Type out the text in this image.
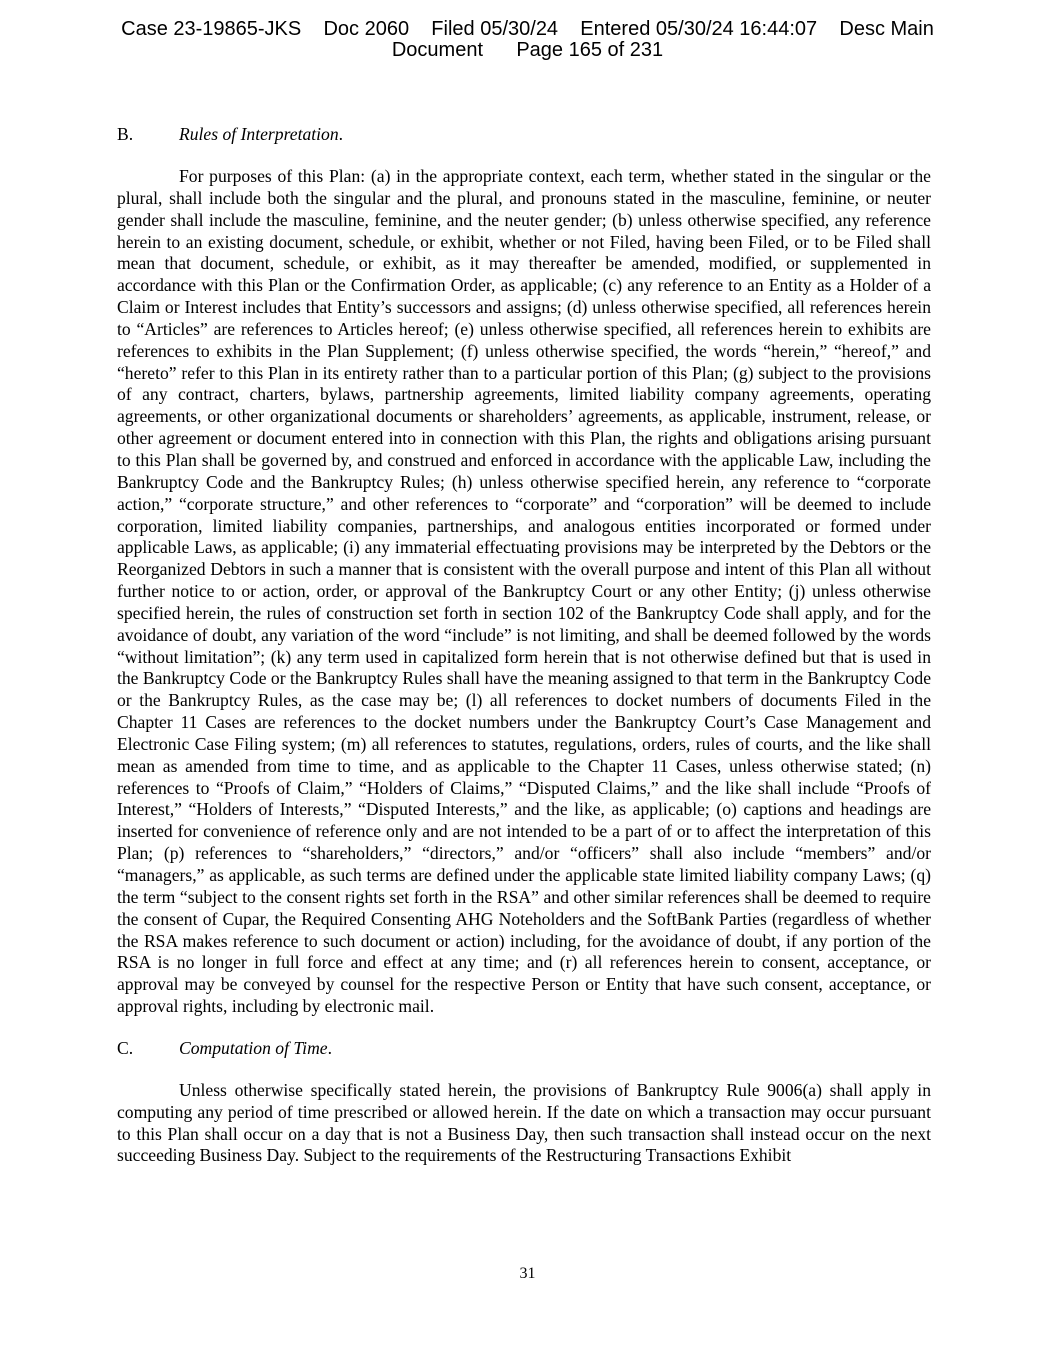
Case 23-19865-JKS    Doc 2060    Filed 05/30/24    Entered 05/30/24 16:44:07    Desc Main
Document      Page 165 of 231

B.	Rules of Interpretation.

For purposes of this Plan: (a) in the appropriate context, each term, whether stated in the singular or the plural, shall include both the singular and the plural, and pronouns stated in the masculine, feminine, or neuter gender shall include the masculine, feminine, and the neuter gender; (b) unless otherwise specified, any reference herein to an existing document, schedule, or exhibit, whether or not Filed, having been Filed, or to be Filed shall mean that document, schedule, or exhibit, as it may thereafter be amended, modified, or supplemented in accordance with this Plan or the Confirmation Order, as applicable; (c) any reference to an Entity as a Holder of a Claim or Interest includes that Entity’s successors and assigns; (d) unless otherwise specified, all references herein to “Articles” are references to Articles hereof; (e) unless otherwise specified, all references herein to exhibits are references to exhibits in the Plan Supplement; (f) unless otherwise specified, the words “herein,” “hereof,” and “hereto” refer to this Plan in its entirety rather than to a particular portion of this Plan; (g) subject to the provisions of any contract, charters, bylaws, partnership agreements, limited liability company agreements, operating agreements, or other organizational documents or shareholders’ agreements, as applicable, instrument, release, or other agreement or document entered into in connection with this Plan, the rights and obligations arising pursuant to this Plan shall be governed by, and construed and enforced in accordance with the applicable Law, including the Bankruptcy Code and the Bankruptcy Rules; (h) unless otherwise specified herein, any reference to “corporate action,” “corporate structure,” and other references to “corporate” and “corporation” will be deemed to include corporation, limited liability companies, partnerships, and analogous entities incorporated or formed under applicable Laws, as applicable; (i) any immaterial effectuating provisions may be interpreted by the Debtors or the Reorganized Debtors in such a manner that is consistent with the overall purpose and intent of this Plan all without further notice to or action, order, or approval of the Bankruptcy Court or any other Entity; (j) unless otherwise specified herein, the rules of construction set forth in section 102 of the Bankruptcy Code shall apply, and for the avoidance of doubt, any variation of the word “include” is not limiting, and shall be deemed followed by the words “without limitation”; (k) any term used in capitalized form herein that is not otherwise defined but that is used in the Bankruptcy Code or the Bankruptcy Rules shall have the meaning assigned to that term in the Bankruptcy Code or the Bankruptcy Rules, as the case may be; (l) all references to docket numbers of documents Filed in the Chapter 11 Cases are references to the docket numbers under the Bankruptcy Court’s Case Management and Electronic Case Filing system; (m) all references to statutes, regulations, orders, rules of courts, and the like shall mean as amended from time to time, and as applicable to the Chapter 11 Cases, unless otherwise stated; (n) references to “Proofs of Claim,” “Holders of Claims,” “Disputed Claims,” and the like shall include “Proofs of Interest,” “Holders of Interests,” “Disputed Interests,” and the like, as applicable; (o) captions and headings are inserted for convenience of reference only and are not intended to be a part of or to affect the interpretation of this Plan; (p) references to “shareholders,” “directors,” and/or “officers” shall also include “members” and/or “managers,” as applicable, as such terms are defined under the applicable state limited liability company Laws; (q) the term “subject to the consent rights set forth in the RSA” and other similar references shall be deemed to require the consent of Cupar, the Required Consenting AHG Noteholders and the SoftBank Parties (regardless of whether the RSA makes reference to such document or action) including, for the avoidance of doubt, if any portion of the RSA is no longer in full force and effect at any time; and (r) all references herein to consent, acceptance, or approval may be conveyed by counsel for the respective Person or Entity that have such consent, acceptance, or approval rights, including by electronic mail.

C.	Computation of Time.

Unless otherwise specifically stated herein, the provisions of Bankruptcy Rule 9006(a) shall apply in computing any period of time prescribed or allowed herein. If the date on which a transaction may occur pursuant to this Plan shall occur on a day that is not a Business Day, then such transaction shall instead occur on the next succeeding Business Day. Subject to the requirements of the Restructuring Transactions Exhibit

31
